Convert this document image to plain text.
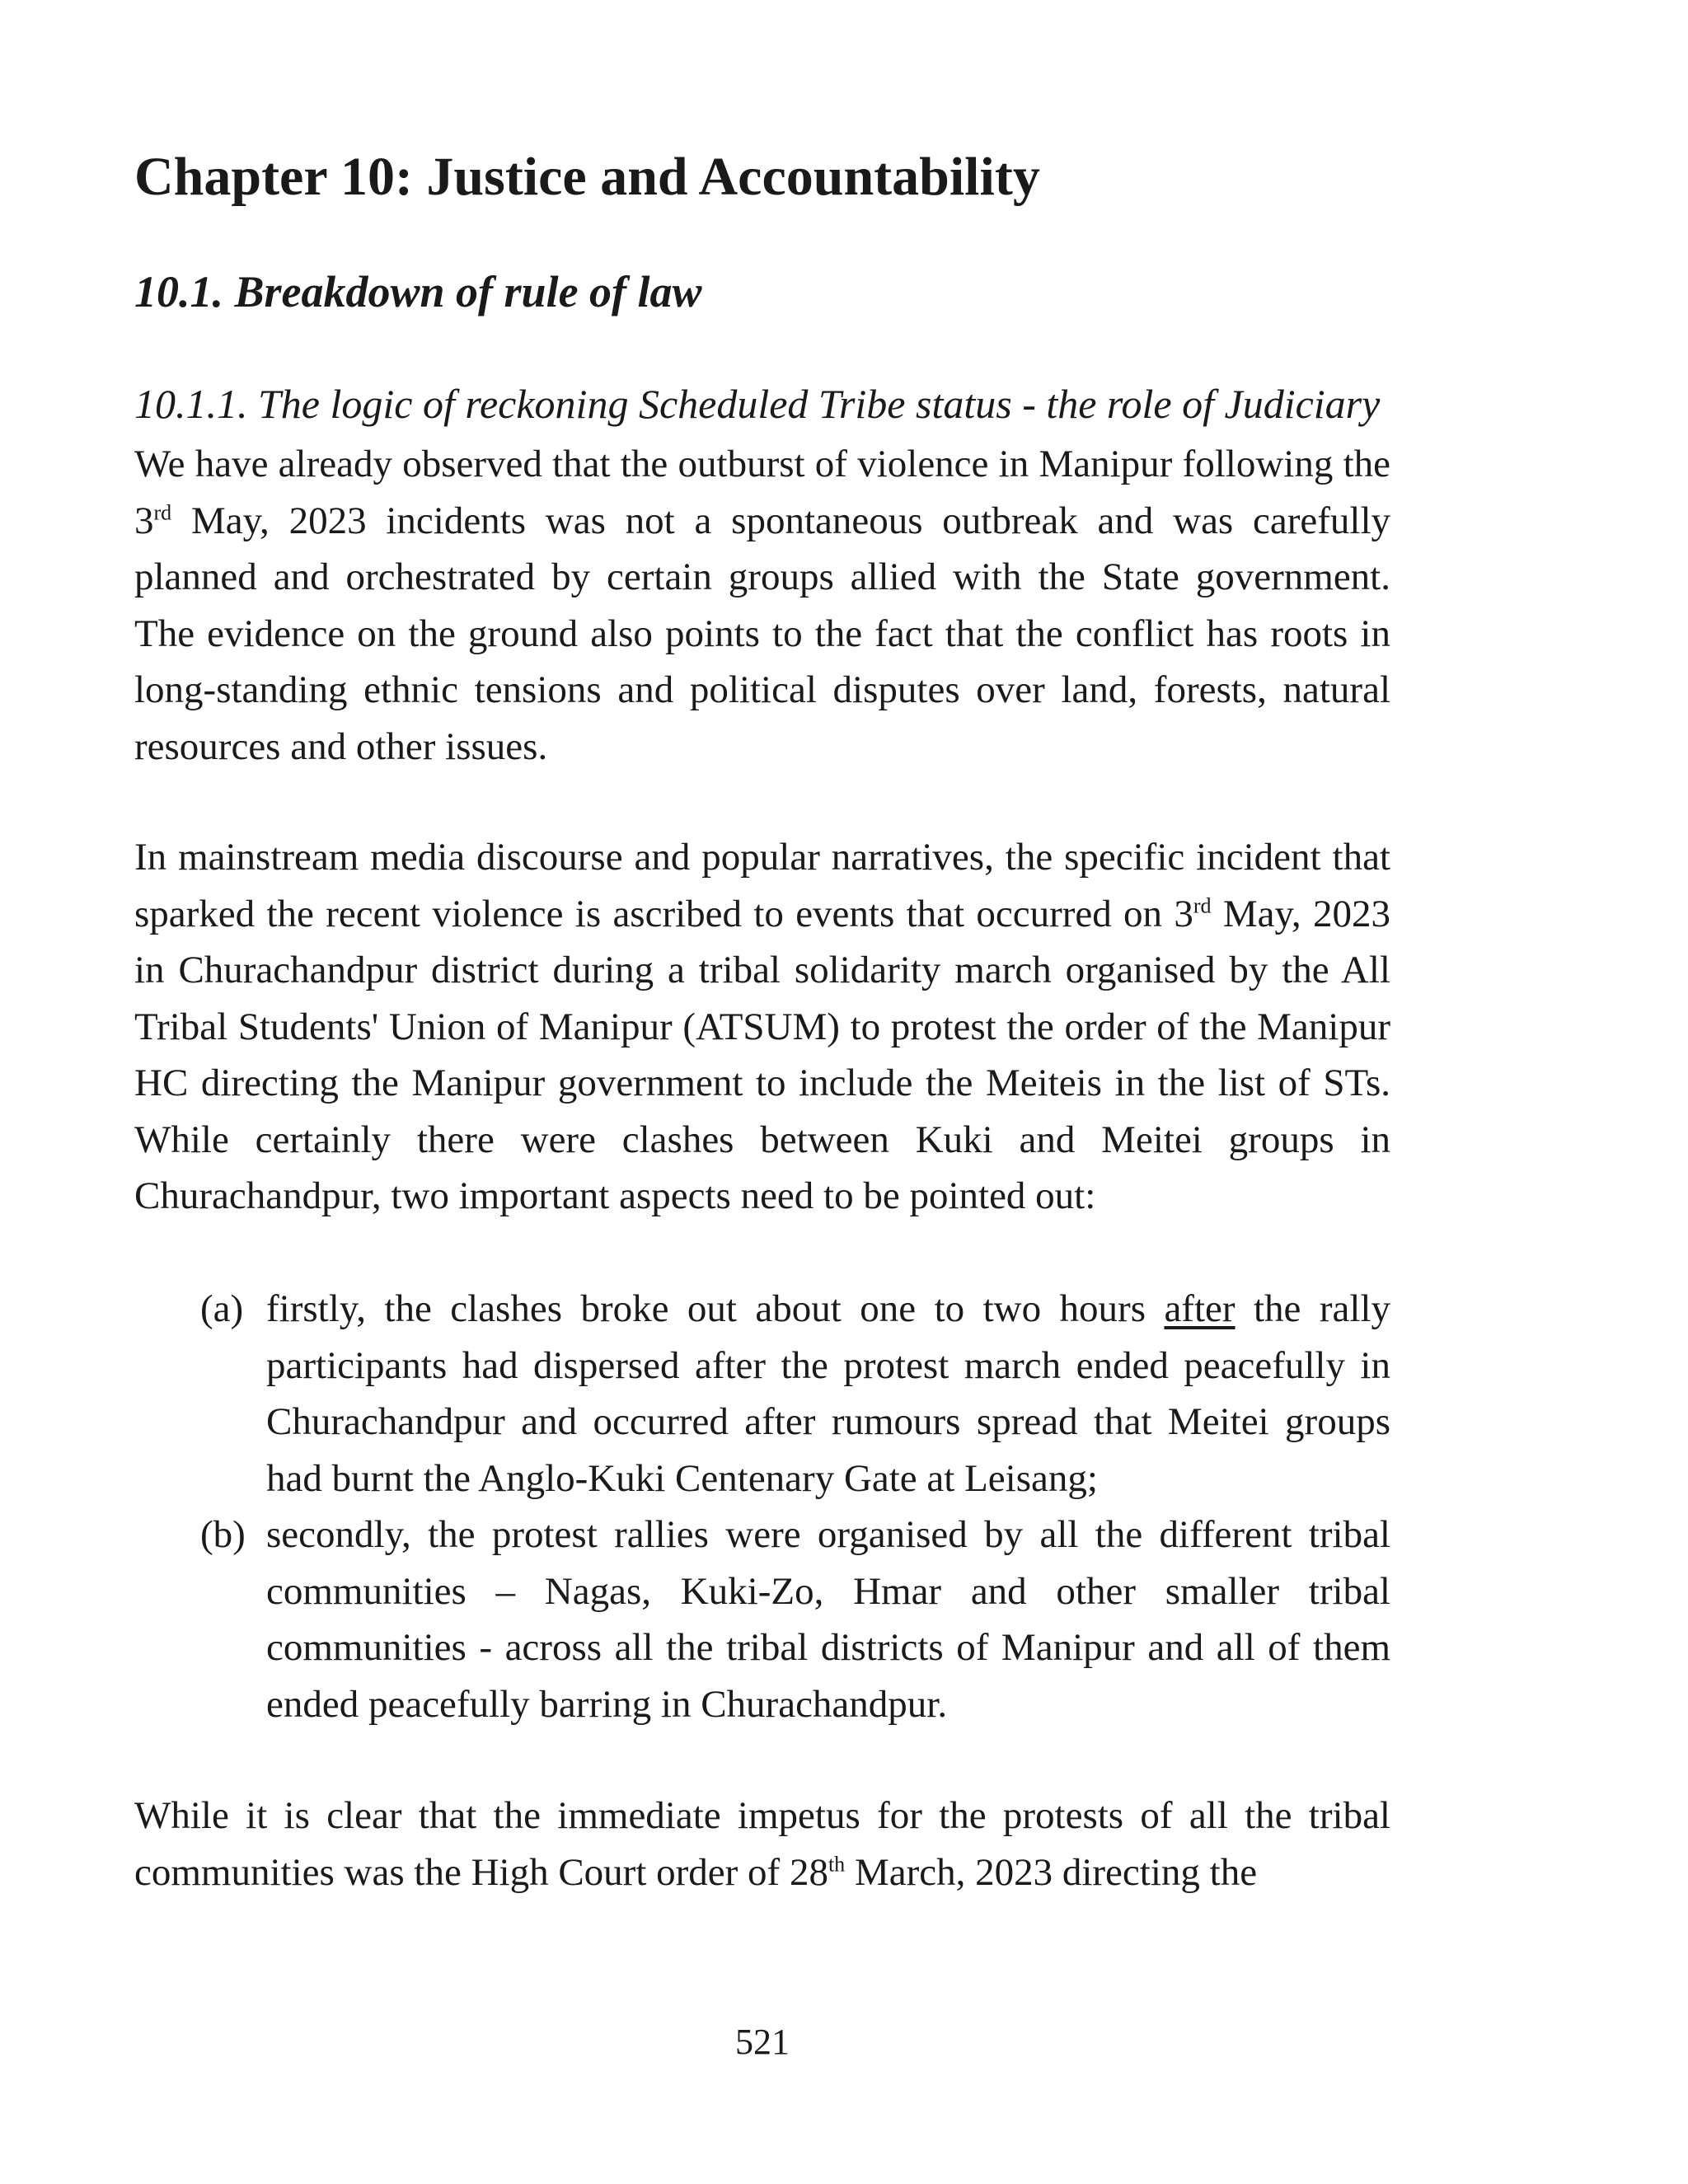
Chapter 10: Justice and Accountability
10.1. Breakdown of rule of law
10.1.1. The logic of reckoning Scheduled Tribe status - the role of Judiciary

We have already observed that the outburst of violence in Manipur following the 3rd May, 2023 incidents was not a spontaneous outbreak and was carefully planned and orchestrated by certain groups allied with the State government. The evidence on the ground also points to the fact that the conflict has roots in long-standing ethnic tensions and political disputes over land, forests, natural resources and other issues.

In mainstream media discourse and popular narratives, the specific incident that sparked the recent violence is ascribed to events that occurred on 3rd May, 2023 in Churachandpur district during a tribal solidarity march organised by the All Tribal Students' Union of Manipur (ATSUM) to protest the order of the Manipur HC directing the Manipur government to include the Meiteis in the list of STs. While certainly there were clashes between Kuki and Meitei groups in Churachandpur, two important aspects need to be pointed out:

(a) firstly, the clashes broke out about one to two hours after the rally participants had dispersed after the protest march ended peacefully in Churachandpur and occurred after rumours spread that Meitei groups had burnt the Anglo-Kuki Centenary Gate at Leisang;
(b) secondly, the protest rallies were organised by all the different tribal communities – Nagas, Kuki-Zo, Hmar and other smaller tribal communities - across all the tribal districts of Manipur and all of them ended peacefully barring in Churachandpur.

While it is clear that the immediate impetus for the protests of all the tribal communities was the High Court order of 28th March, 2023 directing the

521
